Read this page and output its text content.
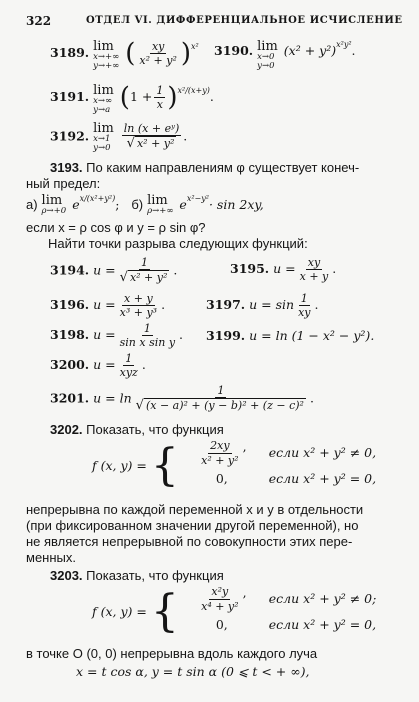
322	ОТДЕЛ VI. ДИФФЕРЕНЦИАЛЬНОЕ ИСЧИСЛЕНИЕ
3189. lim
x→+∞
y→+∞ ( $\frac{xy}{\text{x² + y²}} )^{x^2}$ 3190. lim
x→0
y→0
$(x^2 + y^2)^{x^2y^2}$.
3191. lim
x→∞
y→a $(1 + \frac{1}{x} )^{x^2/(x+y)}$.
3192. lim
x→1
y→0
$\frac{\text{ln (x + eʸ)}}{\text{√ x² + y²}}$ .
3193. По каким направлениям φ существует конеч-
ный предел:
а) lim
ρ→+0 $e^{x/(x^2+y^2)}$; б) lim
ρ→+∞ $e^{x^2-y^2}\cdot \sin 2xy$,
если x = ρ cos φ и y = ρ sin φ?
Найти точки разрыва следующих функций:
3194. $u = \frac{1}{\text{√ x² + y²}}$ .	3195. $u = \frac{xy}{x + y}$ .
3196. $u = \frac{x + y}{\text{x³ + y³}}$ .	3197. $u = \sin \frac{1}{xy}$ .
3198. $u = \frac{1}{\text{sin x sin y}}$ . 3199. u = ln (1 − x² − y²).
3200. $u = \frac{1}{\text{xyz}}$ .
3201. $u = \ln \frac{1}{\text{√ (x − a)² + (y − b)² + (z − c)²}}$ .
3202. Показать, что функция
f (x, y) = { $\frac{2xy}{\text{x² + y²}}$ ,
	если x² + y² ≠ 0,
0,
	если x² + y² = 0,
непрерывна по каждой переменной x и y в отдельности
(при фиксированном значении другой переменной), но
не является непрерывной по совокупности этих пере-
менных.
3203. Показать, что функция
f (x, y) = { $\frac{\text{x²y}}{\text{x⁴ + y²}}$ ,
	если x² + y² ≠ 0;
0,
	если x² + y² = 0,
в точке O (0, 0) непрерывна вдоль каждого луча
x = t cos α, y = t sin α (0 ⩽ t < + ∞),
